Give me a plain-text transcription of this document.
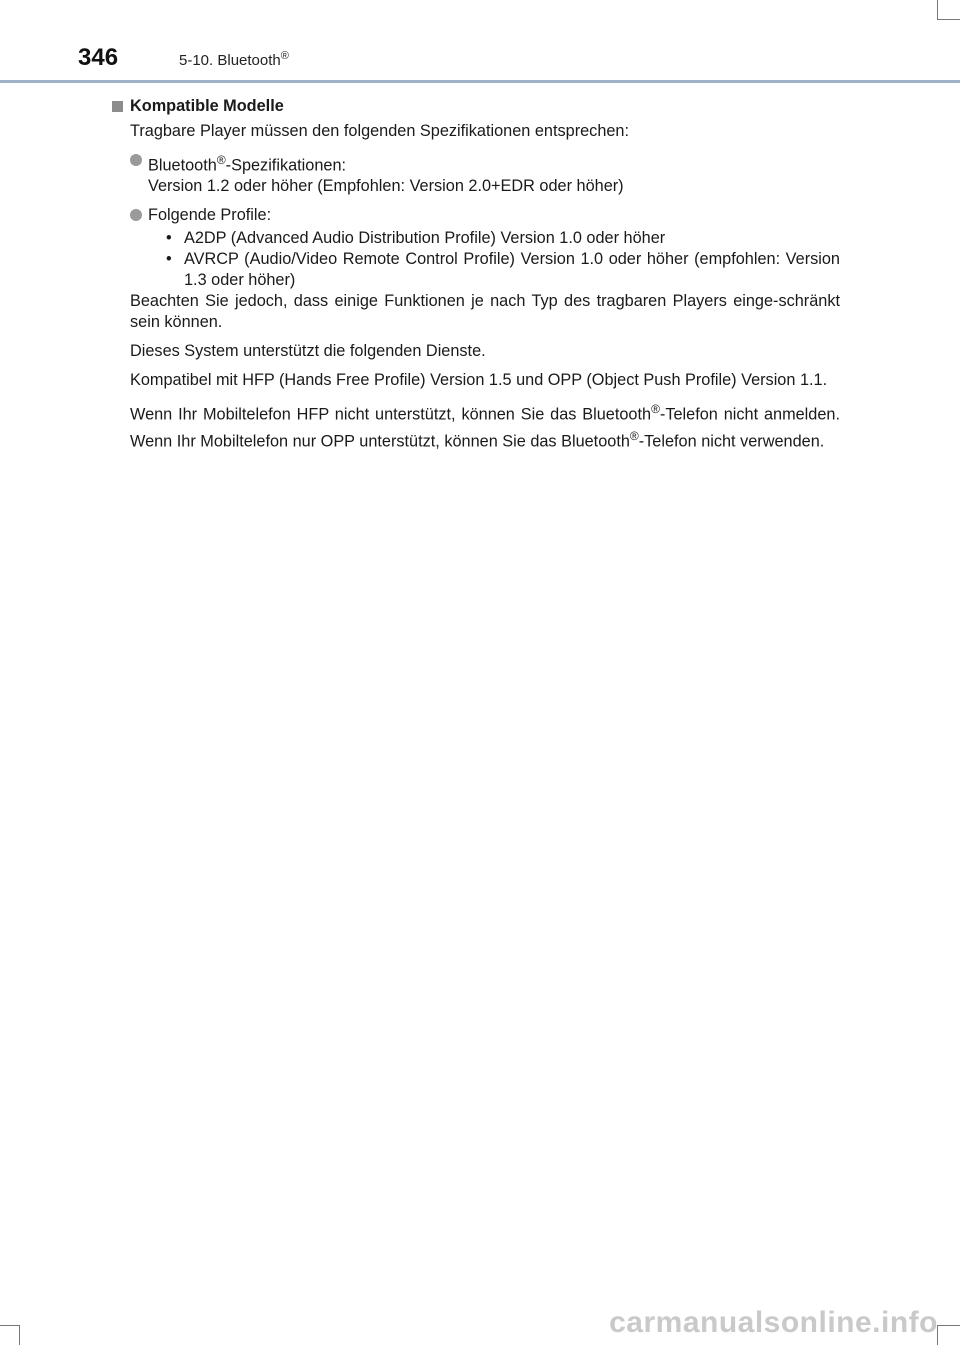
346	5-10. Bluetooth®
Kompatible Modelle
Tragbare Player müssen den folgenden Spezifikationen entsprechen:
Bluetooth®-Spezifikationen:
Version 1.2 oder höher (Empfohlen: Version 2.0+EDR oder höher)
Folgende Profile:
• A2DP (Advanced Audio Distribution Profile) Version 1.0 oder höher
• AVRCP (Audio/Video Remote Control Profile) Version 1.0 oder höher (empfohlen: Version 1.3 oder höher)
Beachten Sie jedoch, dass einige Funktionen je nach Typ des tragbaren Players einge-schränkt sein können.
Dieses System unterstützt die folgenden Dienste.
Kompatibel mit HFP (Hands Free Profile) Version 1.5 und OPP (Object Push Profile) Version 1.1.
Wenn Ihr Mobiltelefon HFP nicht unterstützt, können Sie das Bluetooth®-Telefon nicht anmelden. Wenn Ihr Mobiltelefon nur OPP unterstützt, können Sie das Bluetooth®-Telefon nicht verwenden.
carmanualsonline.info
